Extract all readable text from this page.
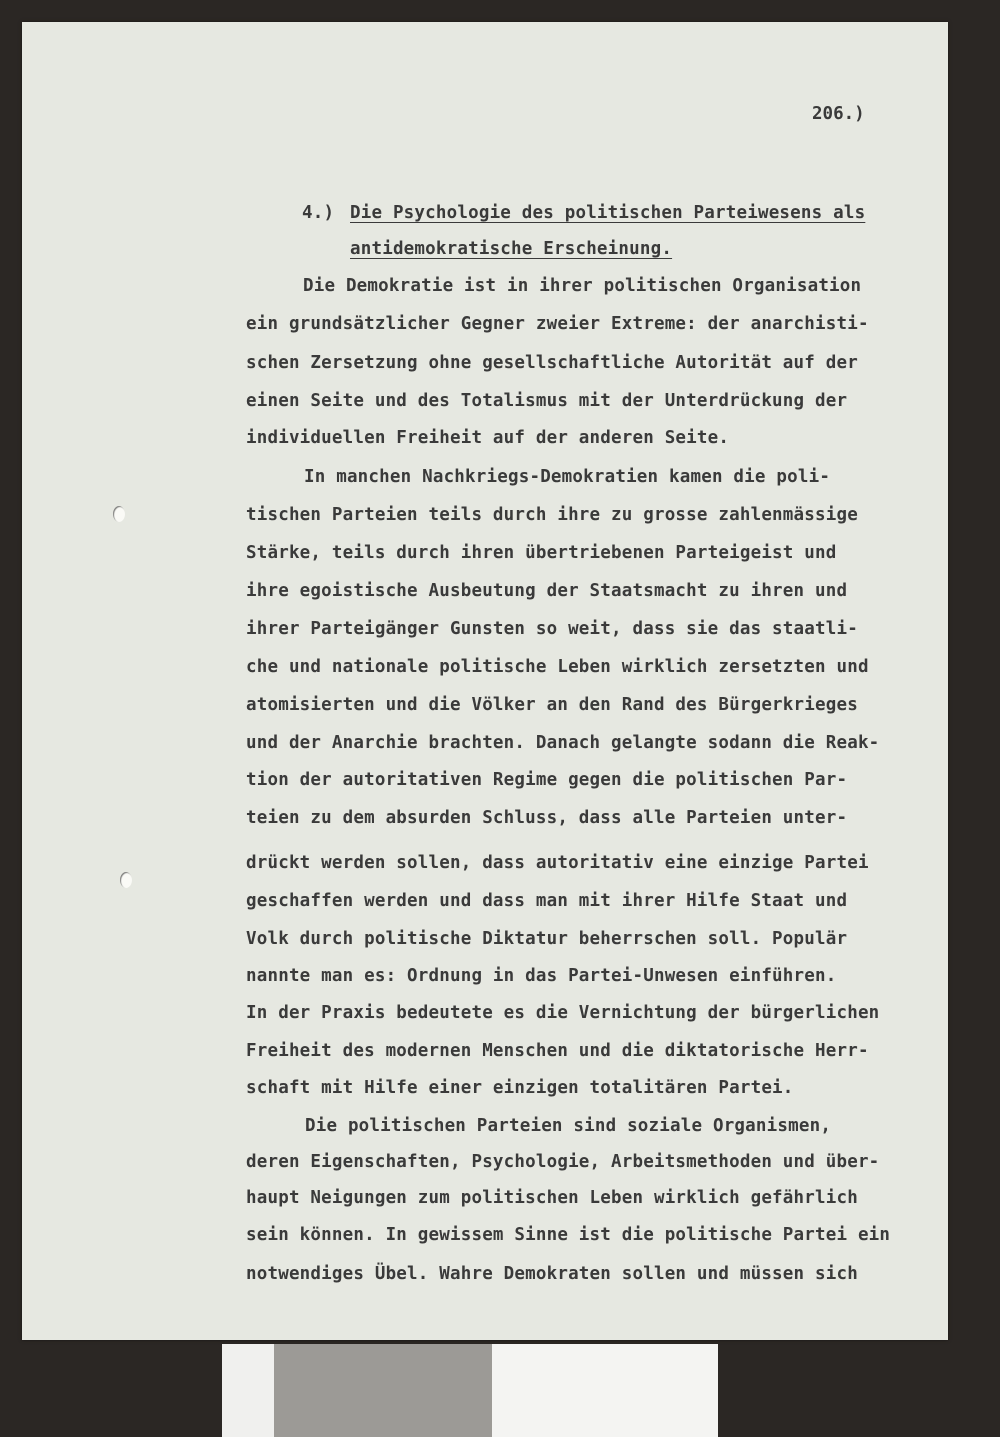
206.)
4.) Die Psychologie des politischen Parteiwesens als
antidemokratische Erscheinung.
Die Demokratie ist in ihrer politischen Organisation
ein grundsätzlicher Gegner zweier Extreme: der anarchisti-
schen Zersetzung ohne gesellschaftliche Autorität auf der
einen Seite und des Totalismus mit der Unterdrückung der
individuellen Freiheit auf der anderen Seite.
In manchen Nachkriegs-Demokratien kamen die poli-
tischen Parteien teils durch ihre zu grosse zahlenmässige
Stärke, teils durch ihren übertriebenen Parteigeist und
ihre egoistische Ausbeutung der Staatsmacht zu ihren und
ihrer Parteigänger Gunsten so weit, dass sie das staatli-
che und nationale politische Leben wirklich zersetzten und
atomisierten und die Völker an den Rand des Bürgerkrieges
und der Anarchie brachten. Danach gelangte sodann die Reak-
tion der autoritativen Regime gegen die politischen Par-
teien zu dem absurden Schluss, dass alle Parteien unter-
drückt werden sollen, dass autoritativ eine einzige Partei
geschaffen werden und dass man mit ihrer Hilfe Staat und
Volk durch politische Diktatur beherrschen soll. Populär
nannte man es: Ordnung in das Partei-Unwesen einführen.
In der Praxis bedeutete es die Vernichtung der bürgerlichen
Freiheit des modernen Menschen und die diktatorische Herr-
schaft mit Hilfe einer einzigen totalitären Partei.
Die politischen Parteien sind soziale Organismen,
deren Eigenschaften, Psychologie, Arbeitsmethoden und über-
haupt Neigungen zum politischen Leben wirklich gefährlich
sein können. In gewissem Sinne ist die politische Partei ein
notwendiges Übel. Wahre Demokraten sollen und müssen sich
